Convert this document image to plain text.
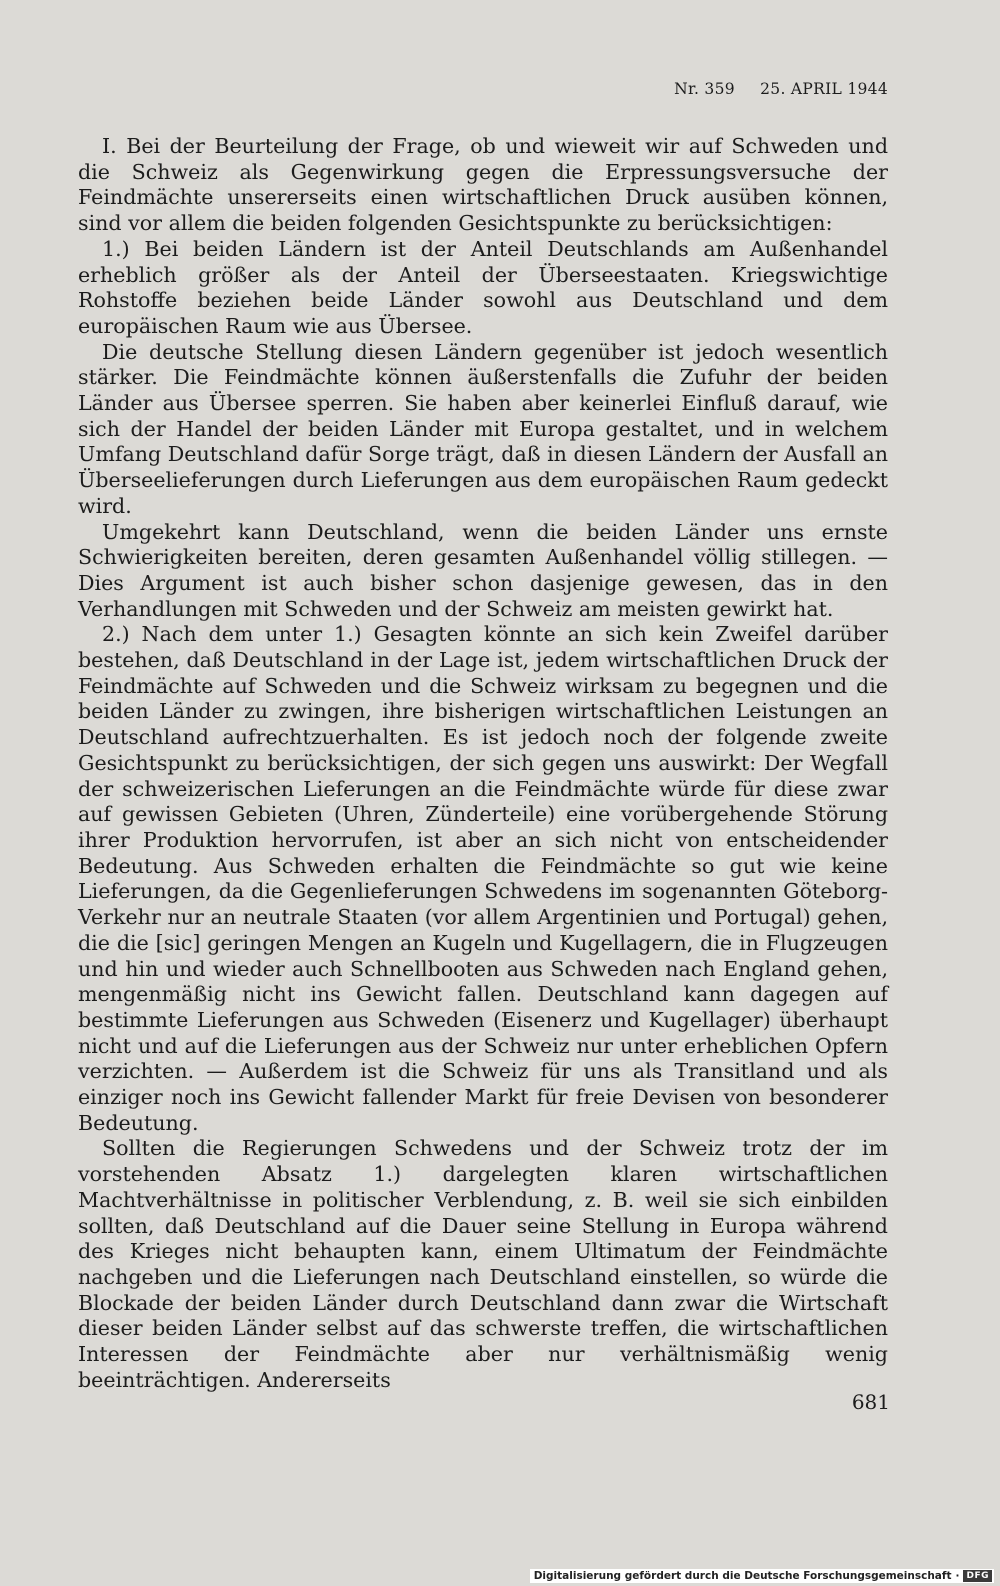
Nr. 359 25. APRIL 1944

I. Bei der Beurteilung der Frage, ob und wieweit wir auf Schweden und die Schweiz als Gegenwirkung gegen die Erpressungsversuche der Feindmächte unsererseits einen wirtschaftlichen Druck ausüben können, sind vor allem die beiden folgenden Gesichtspunkte zu berücksichtigen:

1.) Bei beiden Ländern ist der Anteil Deutschlands am Außenhandel erheblich größer als der Anteil der Überseestaaten. Kriegswichtige Rohstoffe beziehen beide Länder sowohl aus Deutschland und dem europäischen Raum wie aus Übersee.

Die deutsche Stellung diesen Ländern gegenüber ist jedoch wesentlich stärker. Die Feindmächte können äußerstenfalls die Zufuhr der beiden Länder aus Übersee sperren. Sie haben aber keinerlei Einfluß darauf, wie sich der Handel der beiden Länder mit Europa gestaltet, und in welchem Umfang Deutschland dafür Sorge trägt, daß in diesen Ländern der Ausfall an Überseelieferungen durch Lieferungen aus dem europäischen Raum gedeckt wird.

Umgekehrt kann Deutschland, wenn die beiden Länder uns ernste Schwierigkeiten bereiten, deren gesamten Außenhandel völlig stillegen. — Dies Argument ist auch bisher schon dasjenige gewesen, das in den Verhandlungen mit Schweden und der Schweiz am meisten gewirkt hat.

2.) Nach dem unter 1.) Gesagten könnte an sich kein Zweifel darüber bestehen, daß Deutschland in der Lage ist, jedem wirtschaftlichen Druck der Feindmächte auf Schweden und die Schweiz wirksam zu begegnen und die beiden Länder zu zwingen, ihre bisherigen wirtschaftlichen Leistungen an Deutschland aufrechtzuerhalten. Es ist jedoch noch der folgende zweite Gesichtspunkt zu berücksichtigen, der sich gegen uns auswirkt: Der Wegfall der schweizerischen Lieferungen an die Feindmächte würde für diese zwar auf gewissen Gebieten (Uhren, Zünderteile) eine vorübergehende Störung ihrer Produktion hervorrufen, ist aber an sich nicht von entscheidender Bedeutung. Aus Schweden erhalten die Feindmächte so gut wie keine Lieferungen, da die Gegenlieferungen Schwedens im sogenannten Göteborg-Verkehr nur an neutrale Staaten (vor allem Argentinien und Portugal) gehen, die die [sic] geringen Mengen an Kugeln und Kugellagern, die in Flugzeugen und hin und wieder auch Schnellbooten aus Schweden nach England gehen, mengenmäßig nicht ins Gewicht fallen. Deutschland kann dagegen auf bestimmte Lieferungen aus Schweden (Eisenerz und Kugellager) überhaupt nicht und auf die Lieferungen aus der Schweiz nur unter erheblichen Opfern verzichten. — Außerdem ist die Schweiz für uns als Transitland und als einziger noch ins Gewicht fallender Markt für freie Devisen von besonderer Bedeutung.

Sollten die Regierungen Schwedens und der Schweiz trotz der im vorstehenden Absatz 1.) dargelegten klaren wirtschaftlichen Machtverhältnisse in politischer Verblendung, z. B. weil sie sich einbilden sollten, daß Deutschland auf die Dauer seine Stellung in Europa während des Krieges nicht behaupten kann, einem Ultimatum der Feindmächte nachgeben und die Lieferungen nach Deutschland einstellen, so würde die Blockade der beiden Länder durch Deutschland dann zwar die Wirtschaft dieser beiden Länder selbst auf das schwerste treffen, die wirtschaftlichen Interessen der Feindmächte aber nur verhältnismäßig wenig beeinträchtigen. Andererseits

681
Digitalisierung gefördert durch die Deutsche Forschungsgemeinschaft · DFG
